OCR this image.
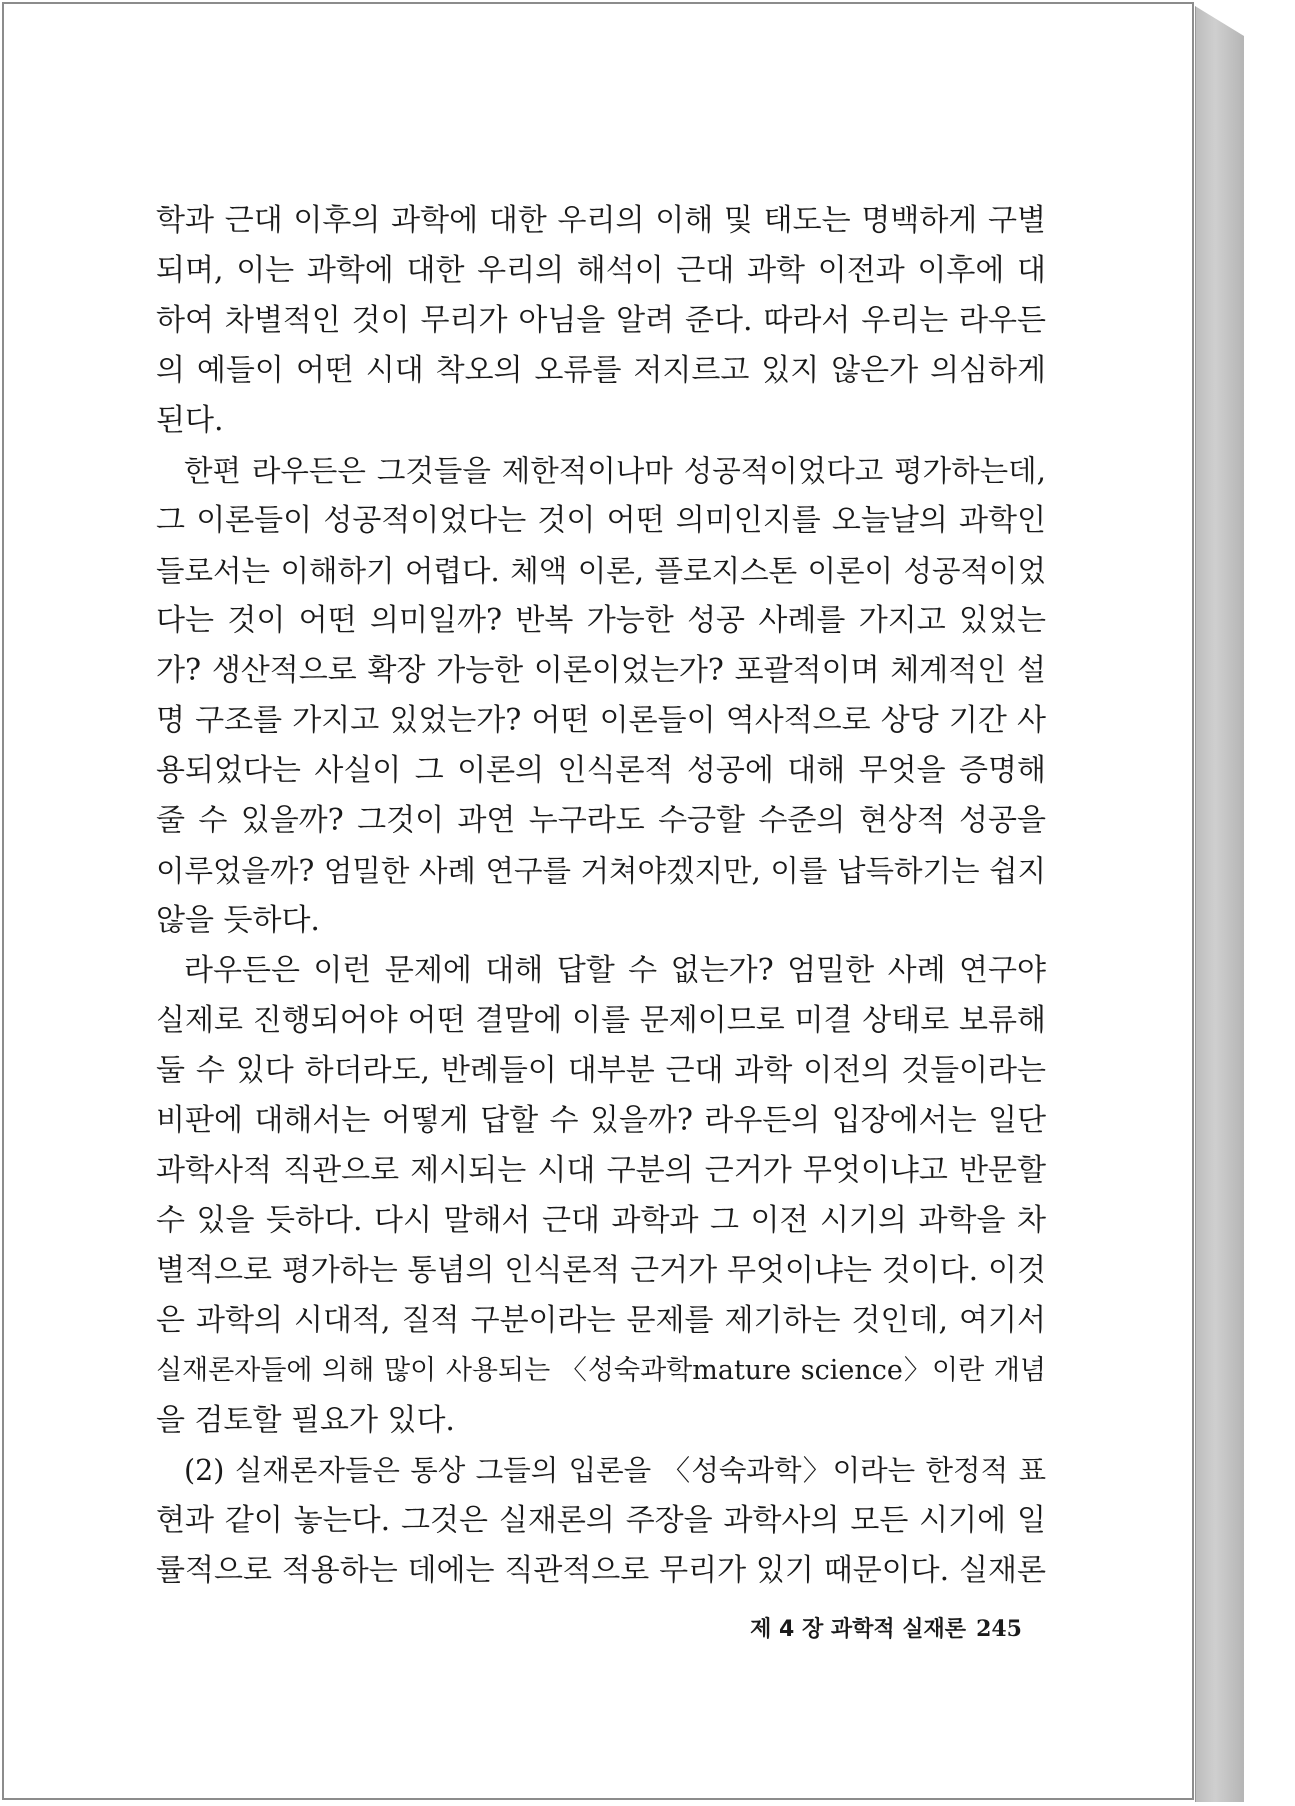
학과 근대 이후의 과학에 대한 우리의 이해 및 태도는 명백하게 구별
되며, 이는 과학에 대한 우리의 해석이 근대 과학 이전과 이후에 대
하여 차별적인 것이 무리가 아님을 알려 준다. 따라서 우리는 라우든
의 예들이 어떤 시대 착오의 오류를 저지르고 있지 않은가 의심하게
된다.
한편 라우든은 그것들을 제한적이나마 성공적이었다고 평가하는데,
그 이론들이 성공적이었다는 것이 어떤 의미인지를 오늘날의 과학인
들로서는 이해하기 어렵다. 체액 이론, 플로지스톤 이론이 성공적이었
다는 것이 어떤 의미일까? 반복 가능한 성공 사례를 가지고 있었는
가? 생산적으로 확장 가능한 이론이었는가? 포괄적이며 체계적인 설
명 구조를 가지고 있었는가? 어떤 이론들이 역사적으로 상당 기간 사
용되었다는 사실이 그 이론의 인식론적 성공에 대해 무엇을 증명해
줄 수 있을까? 그것이 과연 누구라도 수긍할 수준의 현상적 성공을
이루었을까? 엄밀한 사례 연구를 거쳐야겠지만, 이를 납득하기는 쉽지
않을 듯하다.
라우든은 이런 문제에 대해 답할 수 없는가? 엄밀한 사례 연구야
실제로 진행되어야 어떤 결말에 이를 문제이므로 미결 상태로 보류해
둘 수 있다 하더라도, 반례들이 대부분 근대 과학 이전의 것들이라는
비판에 대해서는 어떻게 답할 수 있을까? 라우든의 입장에서는 일단
과학사적 직관으로 제시되는 시대 구분의 근거가 무엇이냐고 반문할
수 있을 듯하다. 다시 말해서 근대 과학과 그 이전 시기의 과학을 차
별적으로 평가하는 통념의 인식론적 근거가 무엇이냐는 것이다. 이것
은 과학의 시대적, 질적 구분이라는 문제를 제기하는 것인데, 여기서
실재론자들에 의해 많이 사용되는 〈성숙과학mature science〉이란 개념
을 검토할 필요가 있다.
(2) 실재론자들은 통상 그들의 입론을 〈성숙과학〉이라는 한정적 표
현과 같이 놓는다. 그것은 실재론의 주장을 과학사의 모든 시기에 일
률적으로 적용하는 데에는 직관적으로 무리가 있기 때문이다. 실재론
제 4 장 과학적 실재론 245
